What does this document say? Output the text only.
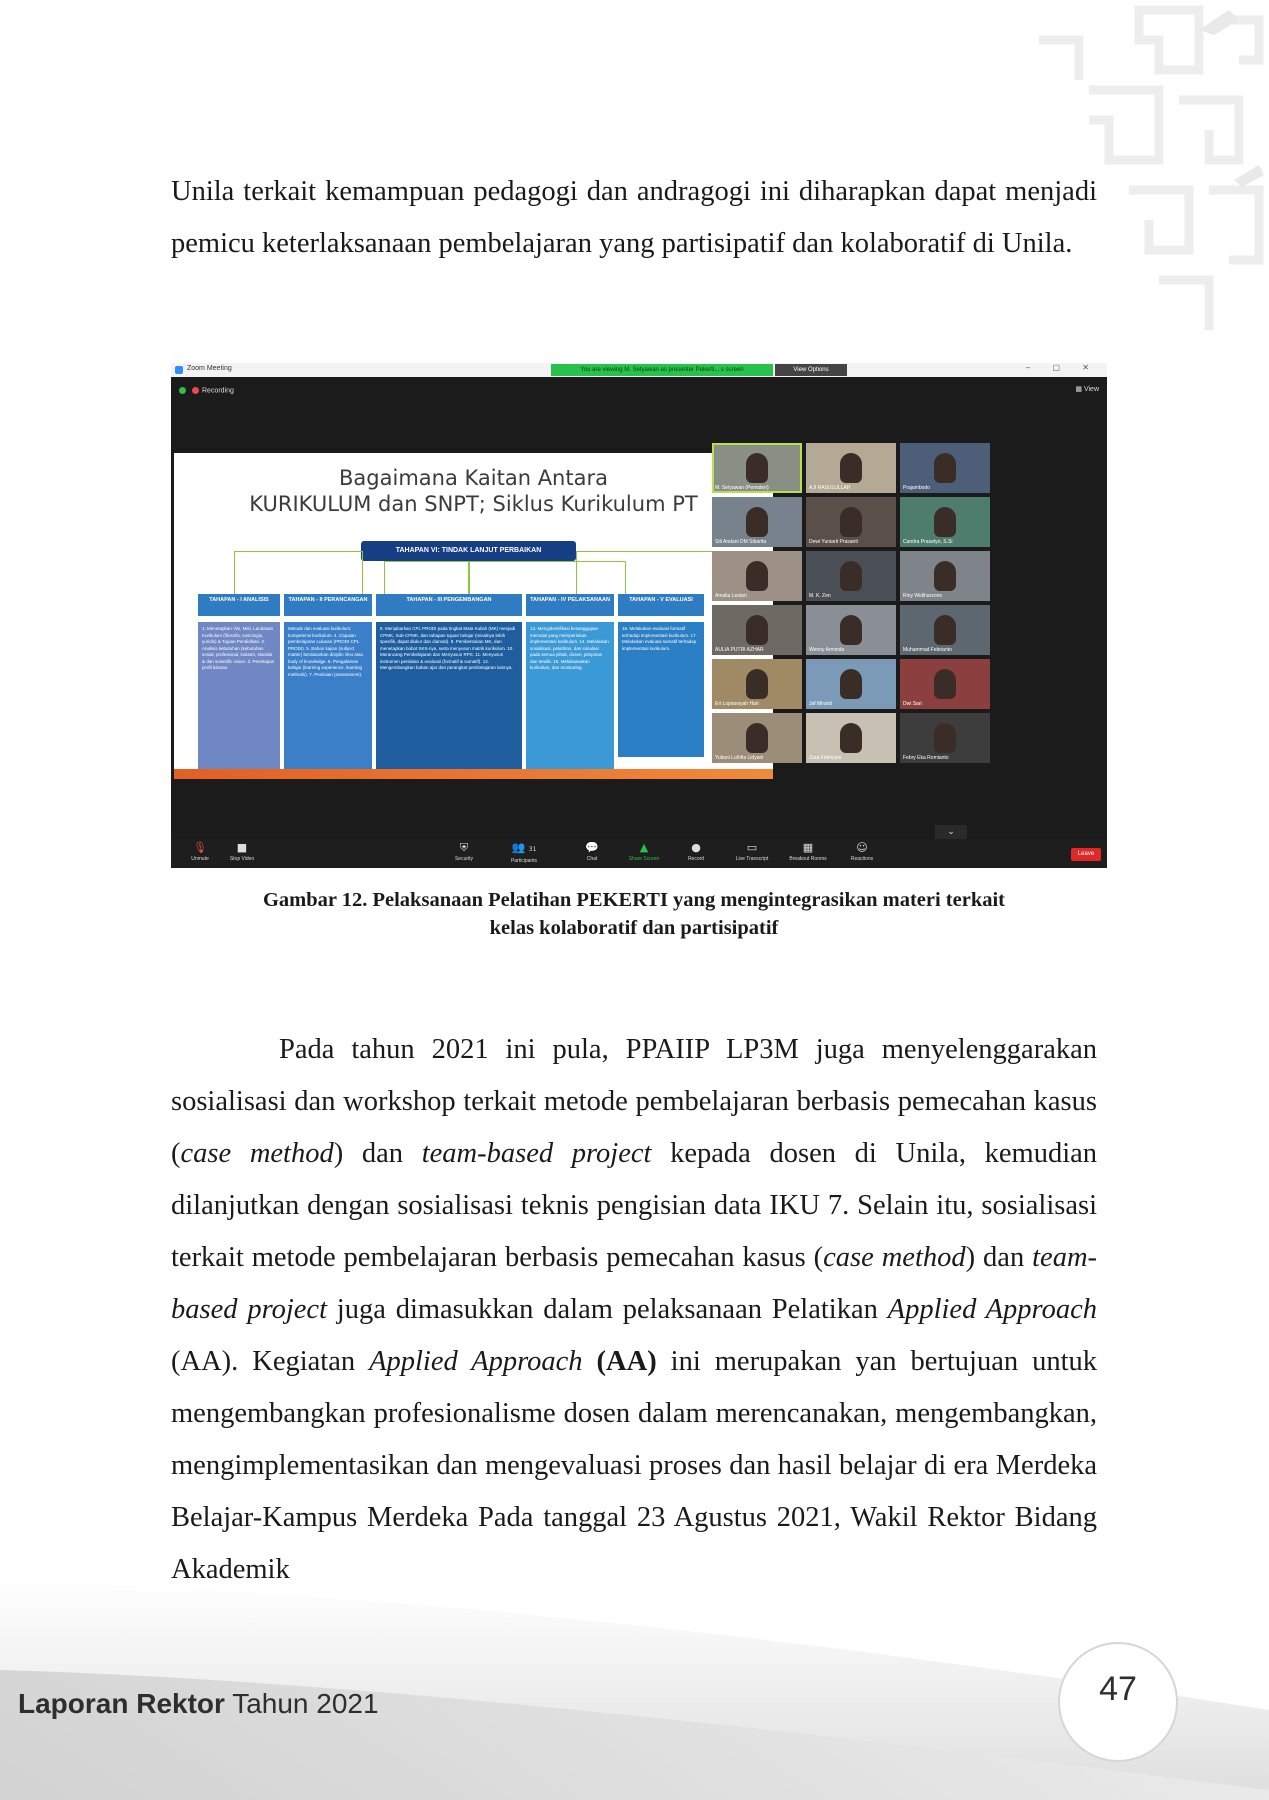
Unila terkait kemampuan pedagogi dan andragogi ini diharapkan dapat menjadi pemicu keterlaksanaan pembelajaran yang partisipatif dan kolaboratif di Unila.

Zoom Meeting	You are viewing M. Setyawan as presenter Pekerti... s screen	View Options	– ▢ ✕
Recording	▦ View
Bagaimana Kaitan Antara
KURIKULUM dan SNPT; Siklus Kurikulum PT
TAHAPAN VI: TINDAK LANJUT PERBAIKAN
TAHAPAN - I ANALISIS	TAHAPAN - II PERANCANGAN	TAHAPAN - III PENGEMBANGAN	TAHAPAN - IV PELAKSANAAN	TAHAPAN - V EVALUASI
1. Menetapkan Visi, Misi, Landasan Kurikulum (filosofis, sosiologis, yuridis) & Tujuan Pendidikan. 2. Analisis kebutuhan (kebutuhan sosial, profesional, industri, standar & dan scientific vision. 3. Penetapan profil lulusan.
Metode dan evaluasi kurikulum: kompetensi kurikulum. 4. Capaian pembelajaran Lulusan (PRODI CPL PRODI). 5. Bahan kajian (subject matter) berdasarkan disiplin ilmu atau body of knowledge. 6. Pengalaman belajar (learning experience, learning methods). 7. Penilaian (assessment).
8. Menjabarkan CPL PRODI pada tingkat Mata Kuliah (MK) menjadi CPMK, Sub-CPMK, dan tahapan tujuan belajar (misalnya lebih spesifik, dapat diukur dan diamati). 9. Pembentukan MK, dan menetapkan bobot SKS-nya, serta menyusun matrik kurikulum. 10. Merancang Pembelajaran dan Menyusun RPS. 11. Menyusun instrumen penilaian & evaluasi (formatif & sumatif). 12. Mengembangkan bahan ajar dan perangkat pembelajaran lainnya.
13. Mengidentifikasi kesanggupan memulai yang memperlukan implementasi kurikulum. 14. Melakukan sosialisasi, pelatihan, dan simulasi pada semua pihak, dosen, pimpinan dan tendik. 15. Melaksanakan kurikulum, dan monitoring.
16. Melakukan evaluasi formatif terhadap implementasi kurikulum. 17. Melakukan evaluasi sumatif terhadap implementasi kurikulum.
M. Setyawan (Pemateri)	AJI RASULULLAH	Prajambodo
Siti Andani DM Sibarita	Dewi Yuniarti Prasanti	Candra Prasetyo, S.Si
Amalia Lestari	M. K. Zen	Riny Widiharsono
AULIA PUTRI AZHAR	Wenny Arminda	Muhammad Febrianto
Eri Lopiansyah Hari	Jaf Miranti	Dwi Sari
Yuliani Luthfia Lidyani	Zara Febriyani	Febry Eka Romianto
⌄
🎙
Unmute
■
Stop Video
⛨
Security
👥 31
Participants
💬
Chat
▲
Share Screen
●
Record
▭
Live Transcript
▦
Breakout Rooms
☺
Reactions
Leave

Gambar 12. Pelaksanaan Pelatihan PEKERTI yang mengintegrasikan materi terkait
kelas kolaboratif dan partisipatif

Pada tahun 2021 ini pula, PPAIIP LP3M juga menyelenggarakan sosialisasi dan workshop terkait metode pembelajaran berbasis pemecahan kasus (case method) dan team-based project kepada dosen di Unila, kemudian dilanjutkan dengan sosialisasi teknis pengisian data IKU 7. Selain itu, sosialisasi terkait metode pembelajaran berbasis pemecahan kasus (case method) dan team-based project juga dimasukkan dalam pelaksanaan Pelatikan Applied Approach (AA). Kegiatan Applied Approach (AA) ini merupakan yan bertujuan untuk mengembangkan profesionalisme dosen dalam merencanakan, mengembangkan, mengimplementasikan dan mengevaluasi proses dan hasil belajar di era Merdeka Belajar-Kampus Merdeka Pada tanggal 23 Agustus 2021, Wakil Rektor Bidang Akademik

Laporan Rektor Tahun 2021	47
